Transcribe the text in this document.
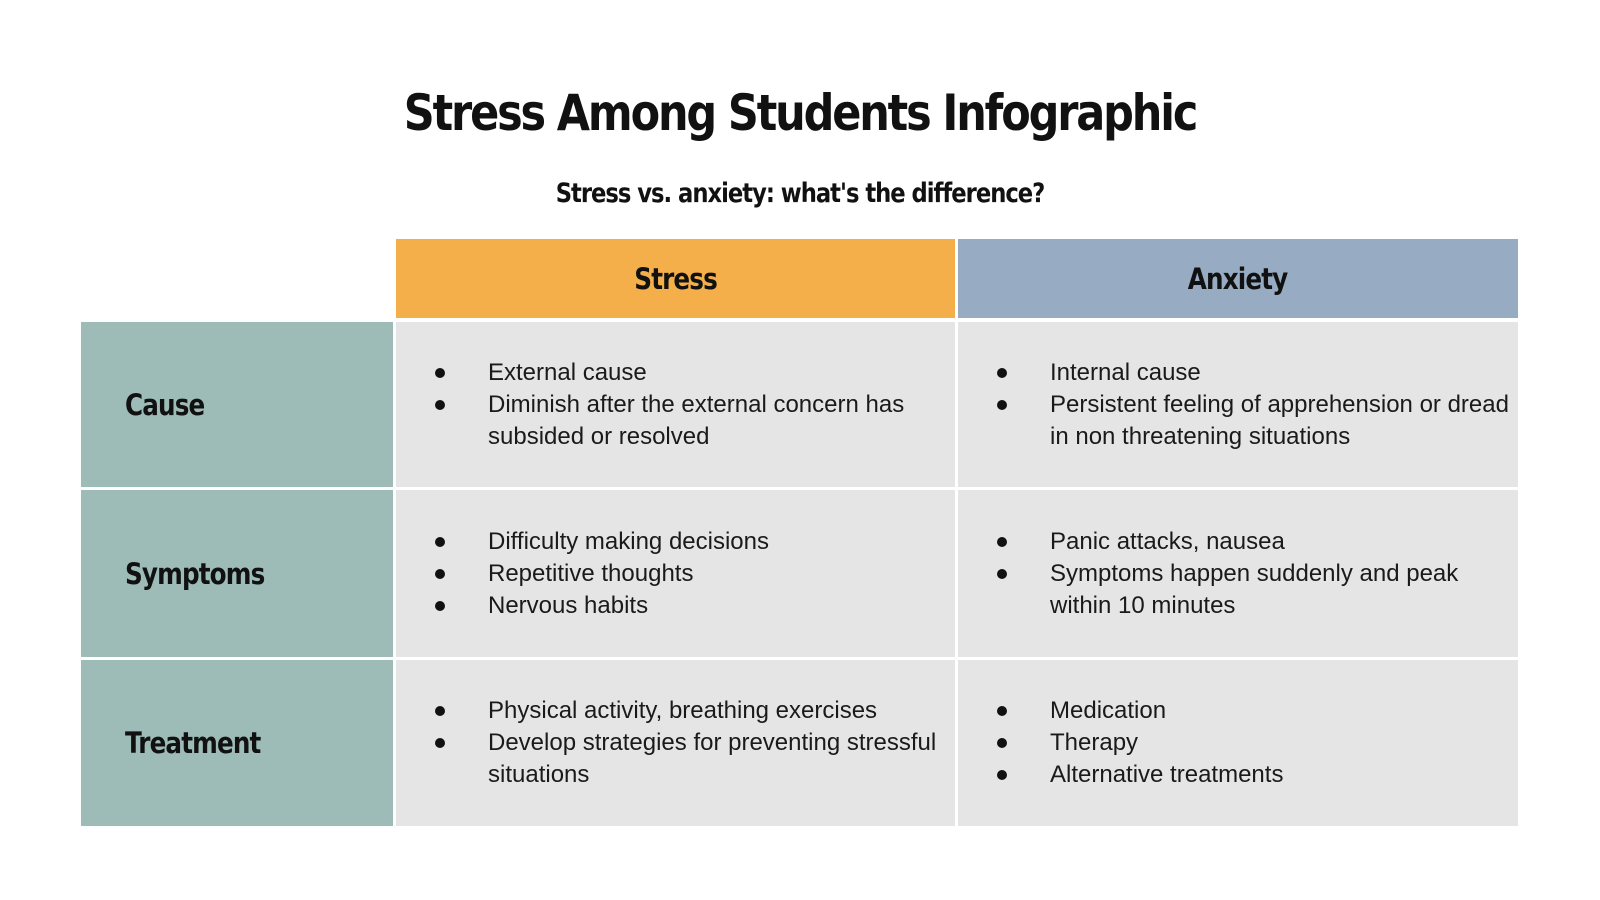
Stress Among Students Infographic
Stress vs. anxiety: what's the difference?
Stress	Anxiety
Cause
External cause
Diminish after the external concern has subsided or resolved
Internal cause
Persistent feeling of apprehension or dread in non threatening situations
Symptoms
Difficulty making decisions
Repetitive thoughts
Nervous habits
Panic attacks, nausea
Symptoms happen suddenly and peak within 10 minutes
Treatment
Physical activity, breathing exercises
Develop strategies for preventing stressful situations
Medication
Therapy
Alternative treatments
